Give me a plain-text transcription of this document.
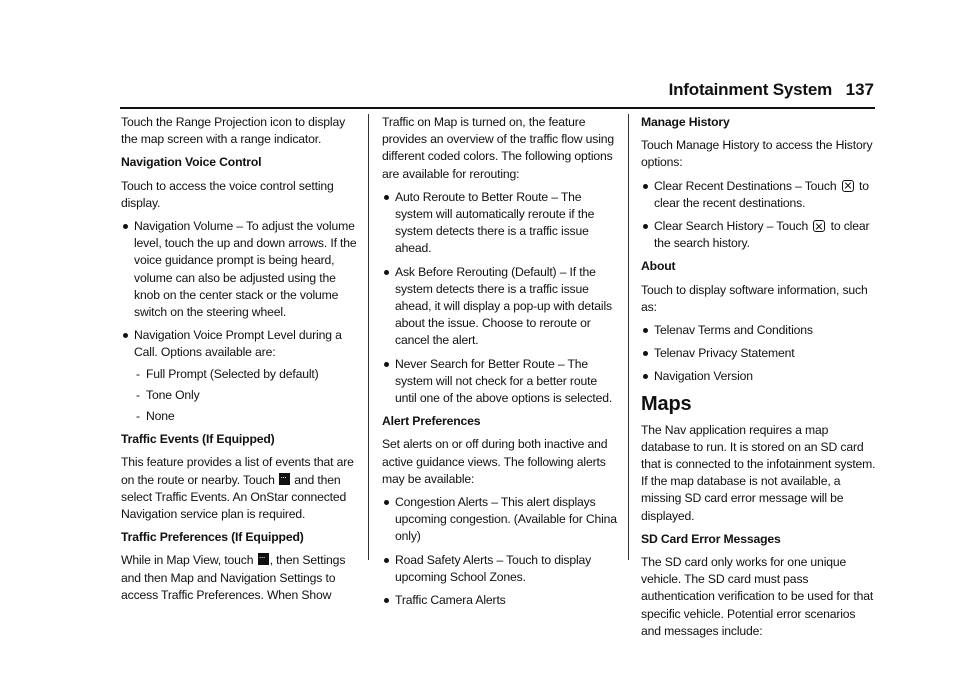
Infotainment System 137

Touch the Range Projection icon to display the map screen with a range indicator.

Navigation Voice Control

Touch to access the voice control setting display.

Navigation Volume – To adjust the volume level, touch the up and down arrows. If the voice guidance prompt is being heard, volume can also be adjusted using the knob on the center stack or the volume switch on the steering wheel.
Navigation Voice Prompt Level during a Call. Options available are:
- Full Prompt (Selected by default)
- Tone Only
- None

Traffic Events (If Equipped)

This feature provides a list of events that are on the route or nearby. Touch ··· and then select Traffic Events. An OnStar connected Navigation service plan is required.

Traffic Preferences (If Equipped)

While in Map View, touch ··· , then Settings and then Map and Navigation Settings to access Traffic Preferences. When Show

Traffic on Map is turned on, the feature provides an overview of the traffic flow using different coded colors. The following options are available for rerouting:

Auto Reroute to Better Route – The system will automatically reroute if the system detects there is a traffic issue ahead.
Ask Before Rerouting (Default) – If the system detects there is a traffic issue ahead, it will display a pop-up with details about the issue. Choose to reroute or cancel the alert.
Never Search for Better Route – The system will not check for a better route until one of the above options is selected.

Alert Preferences

Set alerts on or off during both inactive and active guidance views. The following alerts may be available:

Congestion Alerts – This alert displays upcoming congestion. (Available for China only)
Road Safety Alerts – Touch to display upcoming School Zones.
Traffic Camera Alerts

Manage History

Touch Manage History to access the History options:

Clear Recent Destinations – Touch to clear the recent destinations.
Clear Search History – Touch to clear the search history.

About

Touch to display software information, such as:

Telenav Terms and Conditions
Telenav Privacy Statement
Navigation Version

Maps

The Nav application requires a map database to run. It is stored on an SD card that is connected to the infotainment system. If the map database is not available, a missing SD card error message will be displayed.

SD Card Error Messages

The SD card only works for one unique vehicle. The SD card must pass authentication verification to be used for that specific vehicle. Potential error scenarios and messages include:
